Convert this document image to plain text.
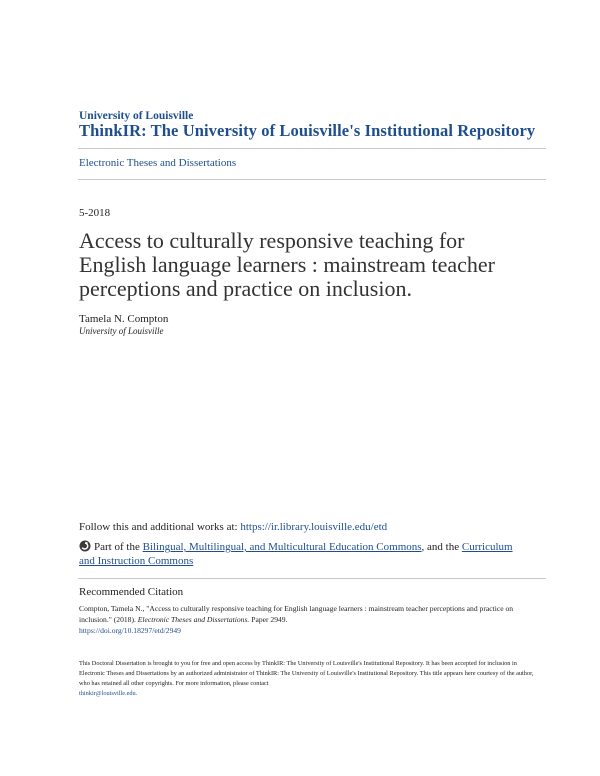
University of Louisville
ThinkIR: The University of Louisville's Institutional Repository
Electronic Theses and Dissertations
5-2018
Access to culturally responsive teaching for English language learners : mainstream teacher perceptions and practice on inclusion.
Tamela N. Compton
University of Louisville
Follow this and additional works at: https://ir.library.louisville.edu/etd
Part of the Bilingual, Multilingual, and Multicultural Education Commons, and the Curriculum and Instruction Commons
Recommended Citation
Compton, Tamela N., "Access to culturally responsive teaching for English language learners : mainstream teacher perceptions and practice on inclusion." (2018). Electronic Theses and Dissertations. Paper 2949.
https://doi.org/10.18297/etd/2949
This Doctoral Dissertation is brought to you for free and open access by ThinkIR: The University of Louisville's Institutional Repository. It has been accepted for inclusion in Electronic Theses and Dissertations by an authorized administrator of ThinkIR: The University of Louisville's Institutional Repository. This title appears here courtesy of the author, who has retained all other copyrights. For more information, please contact
thinkir@louisville.edu.
